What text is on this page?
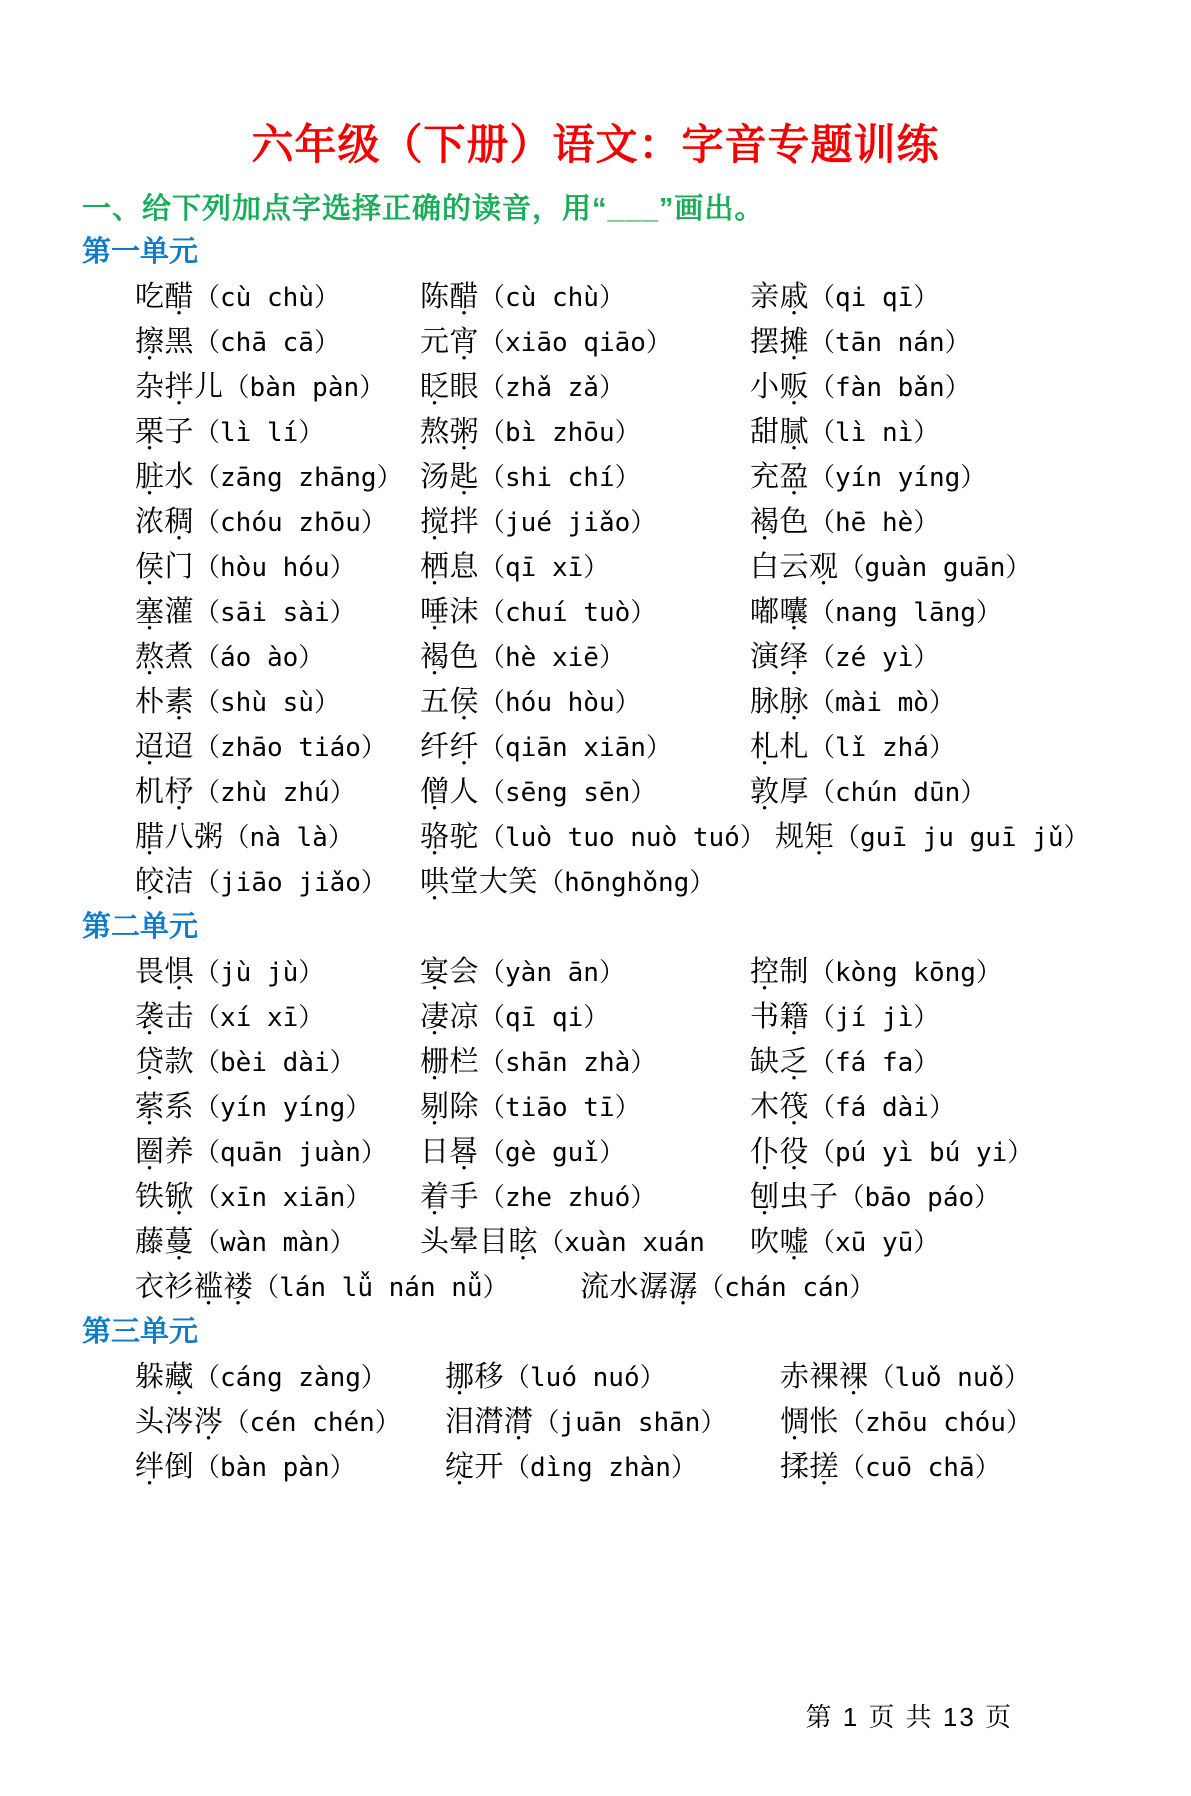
六年级（下册）语文：字音专题训练
一、给下列加点字选择正确的读音，用“___”画出。
第一单元
吃醋 （cù chù）	陈醋 （cù chù）	亲戚 （qi qī）
擦黑 （chā cā）	元宵 （xiāo qiāo）	摆摊 （tān nán）
杂拌儿 （bàn pàn） 眨眼 （zhǎ zǎ）	小贩 （fàn bǎn）
栗子 （lì lí）	熬粥 （bì zhōu）	甜腻 （lì nì）
脏水 （zāng zhāng） 汤匙 （shi chí）	充盈 （yín yíng）
浓稠 （chóu zhōu） 搅拌 （jué jiǎo）	褐色 （hē hè）
侯门 （hòu hóu） 栖息 （qī xī）	白云观 （guàn guān）
塞灌 （sāi sài） 唾沫 （chuí tuò）	嘟囔 （nang lāng）
熬煮 （áo ào）	褐色 （hè xiē）	演绎 （zé yì）
朴素 （shù sù）	五侯 （hóu hòu）	脉脉 （mài mò）
迢迢 （zhāo tiáo） 纤纤 （qiān xiān）	札札 （lǐ zhá）
机杼 （zhù zhú） 僧人 （sēng sēn）	敦厚 （chún dūn）
腊八粥 （nà là） 骆驼 （luò tuo nuò tuó） 规矩 （guī ju guī jǔ）
皎洁 （jiāo jiǎo） 哄堂大笑 （hōnghǒng）
第二单元
畏惧 （jù jù）	宴会 （yàn ān）	控制 （kòng kōng）
袭击 （xí xī）	凄凉 （qī qi）	书籍 （jí jì）
贷款 （bèi dài） 栅栏 （shān zhà）	缺乏 （fá fa）
萦系 （yín yíng） 剔除 （tiāo tī）	木筏 （fá dài）
圈养 （quān juàn） 日晷 （gè guǐ）	仆役 （pú yì bú yi）
铁锨 （xīn xiān） 着手 （zhe zhuó）	刨虫子 （bāo páo）
藤蔓 （wàn màn） 头晕目眩 （xuàn xuán 吹嘘 （xū yū）
衣衫褴褛 （lán lǚ nán nǚ） 流水潺潺 （chán cán）
第三单元
躲藏 （cáng zàng） 挪移 （luó nuó）	赤裸裸 （luǒ nuǒ）
头涔涔 （cén chén） 泪潸潸 （juān shān） 惆怅 （zhōu chóu）
绊倒 （bàn pàn）	绽开 （dìng zhàn）	揉搓 （cuō chā）
第 1 页 共 13 页
